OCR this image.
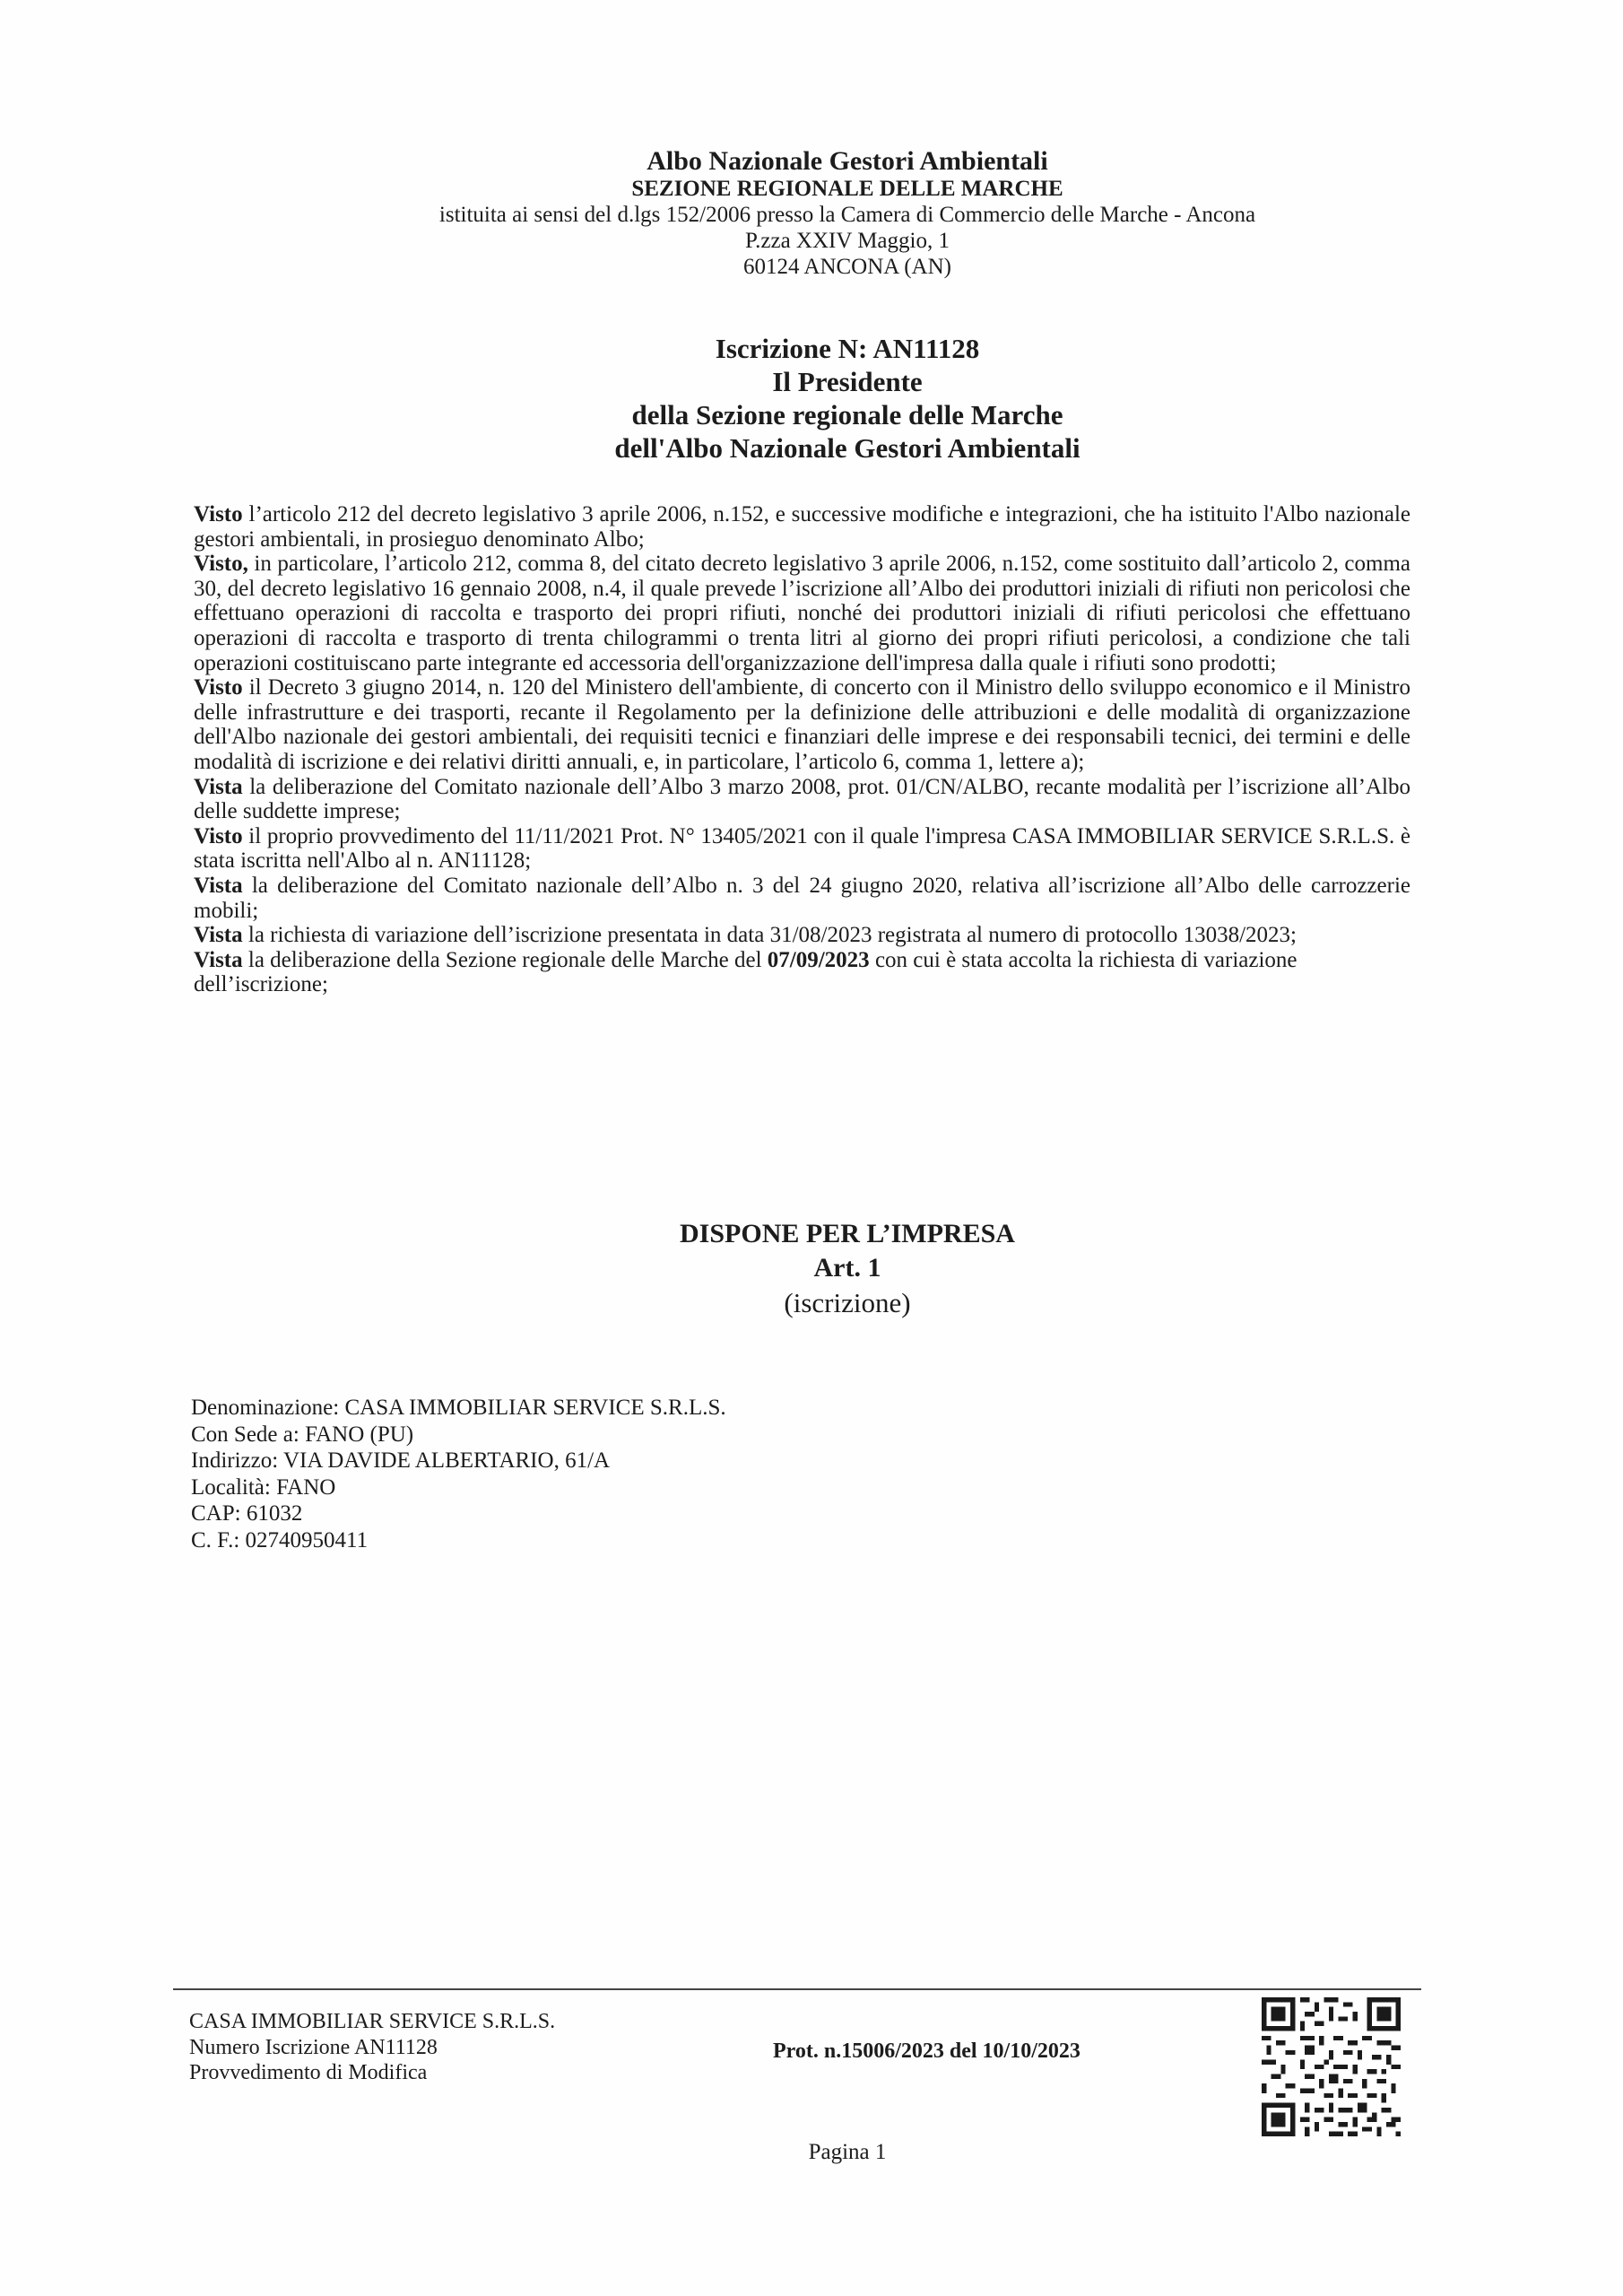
Albo Nazionale Gestori Ambientali
SEZIONE REGIONALE DELLE MARCHE
istituita ai sensi del d.lgs 152/2006 presso la Camera di Commercio delle Marche - Ancona
P.zza XXIV Maggio, 1
60124 ANCONA (AN)
Iscrizione N: AN11128
Il Presidente
della Sezione regionale delle Marche
dell'Albo Nazionale Gestori Ambientali

Visto l’articolo 212 del decreto legislativo 3 aprile 2006, n.152, e successive modifiche e integrazioni, che ha istituito l'Albo nazionale gestori ambientali, in prosieguo denominato Albo;

Visto, in particolare, l’articolo 212, comma 8, del citato decreto legislativo 3 aprile 2006, n.152, come sostituito dall’articolo 2, comma 30, del decreto legislativo 16 gennaio 2008, n.4, il quale prevede l’iscrizione all’Albo dei produttori iniziali di rifiuti non pericolosi che effettuano operazioni di raccolta e trasporto dei propri rifiuti, nonché dei produttori iniziali di rifiuti pericolosi che effettuano operazioni di raccolta e trasporto di trenta chilogrammi o trenta litri al giorno dei propri rifiuti pericolosi, a condizione che tali operazioni costituiscano parte integrante ed accessoria dell'organizzazione dell'impresa dalla quale i rifiuti sono prodotti;

Visto il Decreto 3 giugno 2014, n. 120 del Ministero dell'ambiente, di concerto con il Ministro dello sviluppo economico e il Ministro delle infrastrutture e dei trasporti, recante il Regolamento per la definizione delle attribuzioni e delle modalità di organizzazione dell'Albo nazionale dei gestori ambientali, dei requisiti tecnici e finanziari delle imprese e dei responsabili tecnici, dei termini e delle modalità di iscrizione e dei relativi diritti annuali, e, in particolare, l’articolo 6, comma 1, lettere a);

Vista la deliberazione del Comitato nazionale dell’Albo 3 marzo 2008, prot. 01/CN/ALBO, recante modalità per l’iscrizione all’Albo delle suddette imprese;

Visto il proprio provvedimento del 11/11/2021 Prot. N° 13405/2021 con il quale l'impresa CASA IMMOBILIAR SERVICE S.R.L.S. è stata iscritta nell'Albo al n. AN11128;

Vista la deliberazione del Comitato nazionale dell’Albo n. 3 del 24 giugno 2020, relativa all’iscrizione all’Albo delle carrozzerie mobili;

Vista la richiesta di variazione dell’iscrizione presentata in data 31/08/2023 registrata al numero di protocollo 13038/2023;

Vista la deliberazione della Sezione regionale delle Marche del 07/09/2023 con cui è stata accolta la richiesta di variazione dell’iscrizione;

DISPONE PER L’IMPRESA
Art. 1
(iscrizione)
Denominazione: CASA IMMOBILIAR SERVICE S.R.L.S.
Con Sede a: FANO (PU)
Indirizzo: VIA DAVIDE ALBERTARIO, 61/A
Località: FANO
CAP: 61032
C. F.: 02740950411
CASA IMMOBILIAR SERVICE S.R.L.S.
Numero Iscrizione AN11128
Provvedimento di Modifica
Prot. n.15006/2023 del 10/10/2023
Pagina 1
